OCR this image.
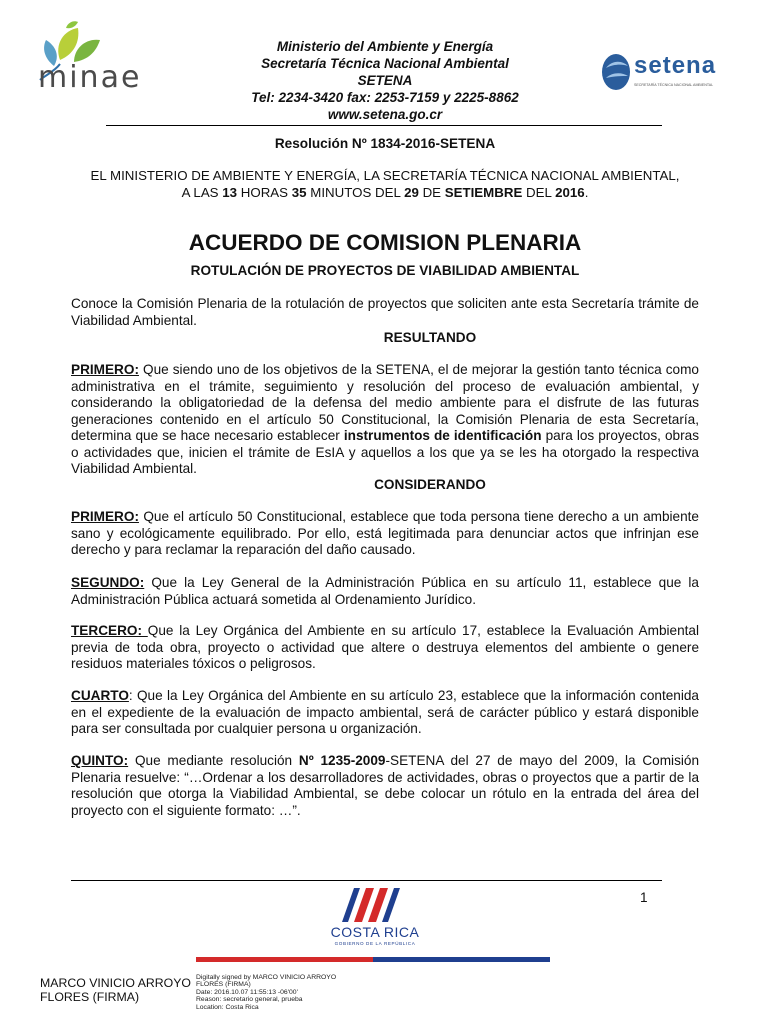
minae
Ministerio del Ambiente y Energía
Secretaría Técnica Nacional Ambiental
SETENA
Tel: 2234-3420 fax: 2253-7159 y 2225-8862
www.setena.go.cr
setena
SECRETARÍA TÉCNICA NACIONAL AMBIENTAL
Resolución Nº 1834-2016-SETENA
EL MINISTERIO DE AMBIENTE Y ENERGÍA, LA SECRETARÍA TÉCNICA NACIONAL AMBIENTAL,
A LAS 13 HORAS 35 MINUTOS DEL 29 DE SETIEMBRE DEL 2016.
ACUERDO DE COMISION PLENARIA
ROTULACIÓN DE PROYECTOS DE VIABILIDAD AMBIENTAL
Conoce la Comisión Plenaria de la rotulación de proyectos que soliciten ante esta Secretaría trámite de Viabilidad Ambiental.
RESULTANDO
PRIMERO: Que siendo uno de los objetivos de la SETENA, el de mejorar la gestión tanto técnica como administrativa en el trámite, seguimiento y resolución del proceso de evaluación ambiental, y considerando la obligatoriedad de la defensa del medio ambiente para el disfrute de las futuras generaciones contenido en el artículo 50 Constitucional, la Comisión Plenaria de esta Secretaría, determina que se hace necesario establecer instrumentos de identificación para los proyectos, obras o actividades que, inicien el trámite de EsIA y aquellos a los que ya se les ha otorgado la respectiva Viabilidad Ambiental.
CONSIDERANDO
PRIMERO: Que el artículo 50 Constitucional, establece que toda persona tiene derecho a un ambiente sano y ecológicamente equilibrado. Por ello, está legitimada para denunciar actos que infrinjan ese derecho y para reclamar la reparación del daño causado.
SEGUNDO: Que la Ley General de la Administración Pública en su artículo 11, establece que la Administración Pública actuará sometida al Ordenamiento Jurídico.
TERCERO: Que la Ley Orgánica del Ambiente en su artículo 17, establece la Evaluación Ambiental previa de toda obra, proyecto o actividad que altere o destruya elementos del ambiente o genere residuos materiales tóxicos o peligrosos.
CUARTO: Que la Ley Orgánica del Ambiente en su artículo 23, establece que la información contenida en el expediente de la evaluación de impacto ambiental, será de carácter público y estará disponible para ser consultada por cualquier persona u organización.
QUINTO: Que mediante resolución Nº 1235-2009-SETENA del 27 de mayo del 2009, la Comisión Plenaria resuelve: “…Ordenar a los desarrolladores de actividades, obras o proyectos que a partir de la resolución que otorga la Viabilidad Ambiental, se debe colocar un rótulo en la entrada del área del proyecto con el siguiente formato: …”.
1
COSTA RICA
GOBIERNO DE LA REPÚBLICA
MARCO VINICIO ARROYO
FLORES (FIRMA)
Digitally signed by MARCO VINICIO ARROYO
FLORES (FIRMA)
Date: 2016.10.07 11:55:13 -06'00'
Reason: secretario general, prueba
Location: Costa Rica
